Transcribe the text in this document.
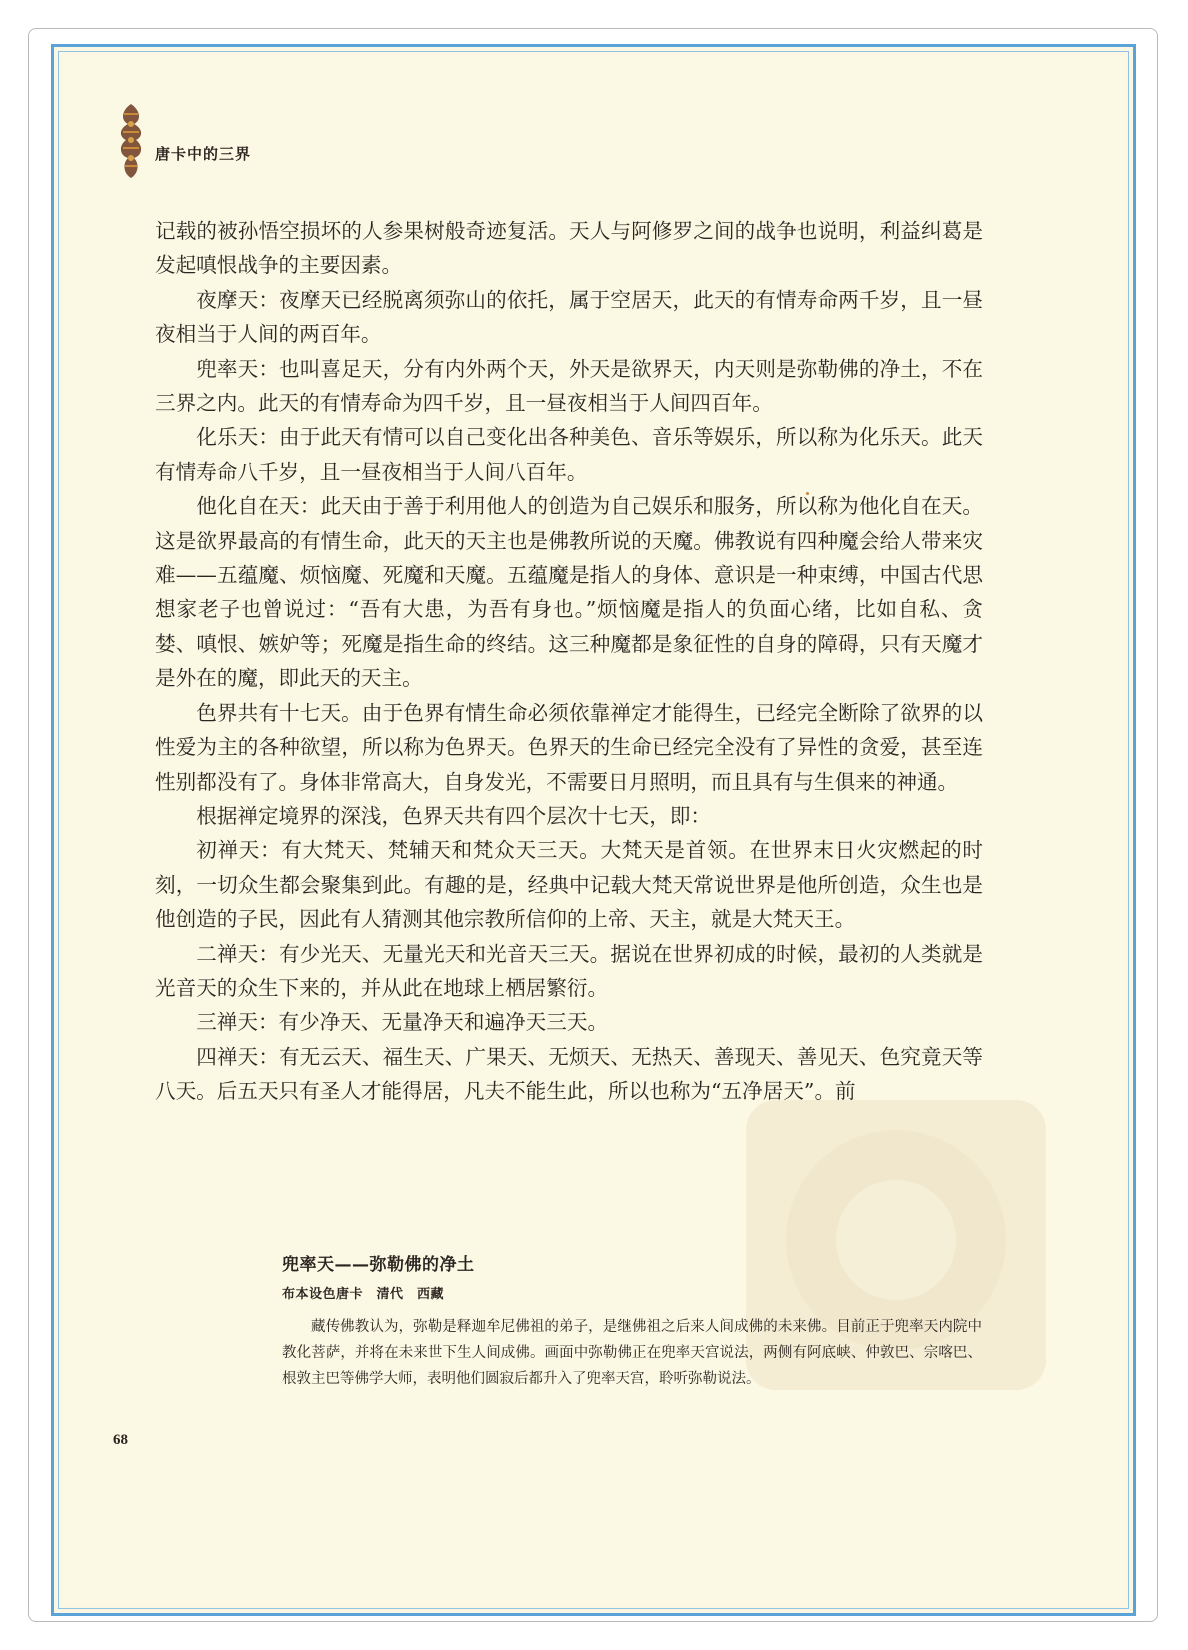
唐卡中的三界

记载的被孙悟空损坏的人参果树般奇迹复活。天人与阿修罗之间的战争也说明，利益纠葛是发起嗔恨战争的主要因素。

夜摩天：夜摩天已经脱离须弥山的依托，属于空居天，此天的有情寿命两千岁，且一昼夜相当于人间的两百年。

兜率天：也叫喜足天，分有内外两个天，外天是欲界天，内天则是弥勒佛的净土，不在三界之内。此天的有情寿命为四千岁，且一昼夜相当于人间四百年。

化乐天：由于此天有情可以自己变化出各种美色、音乐等娱乐，所以称为化乐天。此天有情寿命八千岁，且一昼夜相当于人间八百年。

他化自在天：此天由于善于利用他人的创造为自己娱乐和服务，所以称为他化自在天。这是欲界最高的有情生命，此天的天主也是佛教所说的天魔。佛教说有四种魔会给人带来灾难——五蕴魔、烦恼魔、死魔和天魔。五蕴魔是指人的身体、意识是一种束缚，中国古代思想家老子也曾说过：“吾有大患，为吾有身也。”烦恼魔是指人的负面心绪，比如自私、贪婪、嗔恨、嫉妒等；死魔是指生命的终结。这三种魔都是象征性的自身的障碍，只有天魔才是外在的魔，即此天的天主。

色界共有十七天。由于色界有情生命必须依靠禅定才能得生，已经完全断除了欲界的以性爱为主的各种欲望，所以称为色界天。色界天的生命已经完全没有了异性的贪爱，甚至连性别都没有了。身体非常高大，自身发光，不需要日月照明，而且具有与生俱来的神通。

根据禅定境界的深浅，色界天共有四个层次十七天，即：

初禅天：有大梵天、梵辅天和梵众天三天。大梵天是首领。在世界末日火灾燃起的时刻，一切众生都会聚集到此。有趣的是，经典中记载大梵天常说世界是他所创造，众生也是他创造的子民，因此有人猜测其他宗教所信仰的上帝、天主，就是大梵天王。

二禅天：有少光天、无量光天和光音天三天。据说在世界初成的时候，最初的人类就是光音天的众生下来的，并从此在地球上栖居繁衍。

三禅天：有少净天、无量净天和遍净天三天。

四禅天：有无云天、福生天、广果天、无烦天、无热天、善现天、善见天、色究竟天等八天。后五天只有圣人才能得居，凡夫不能生此，所以也称为“五净居天”。前

兜率天——弥勒佛的净土

布本设色唐卡　清代　西藏

藏传佛教认为，弥勒是释迦牟尼佛祖的弟子，是继佛祖之后来人间成佛的未来佛。目前正于兜率天内院中教化菩萨，并将在未来世下生人间成佛。画面中弥勒佛正在兜率天宫说法，两侧有阿底峡、仲敦巴、宗喀巴、根敦主巴等佛学大师，表明他们圆寂后都升入了兜率天宫，聆听弥勒说法。

68
